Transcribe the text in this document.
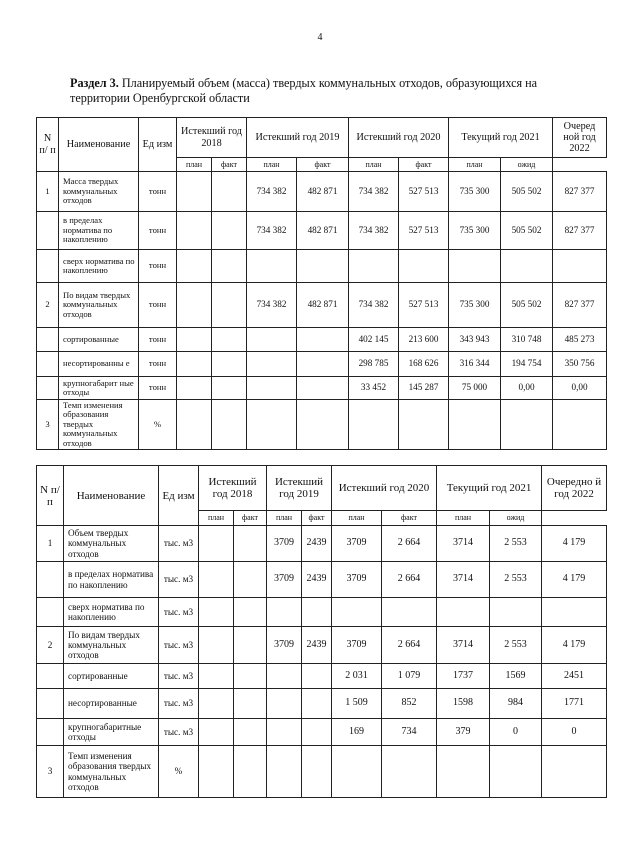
4
Раздел 3. Планируемый объем (масса) твердых коммунальных отходов, образующихся на территории Оренбургской области
N п/ п	Наименование	Ед изм	Истекший год 2018		Истекший год 2019		Истекший год 2020		Текущий год 2021		Очеред ной год 2022
			план	факт	план	факт	план	факт	план	ожид	
1	Масса твердых коммунальных отходов	тонн			734 382	482 871	734 382	527 513	735 300	505 502	827 377
	в пределах норматива по накоплению	тонн			734 382	482 871	734 382	527 513	735 300	505 502	827 377
	сверх норматива по накоплению	тонн									
2	По видам твердых коммунальных отходов	тонн			734 382	482 871	734 382	527 513	735 300	505 502	827 377
	сортированные	тонн					402 145	213 600	343 943	310 748	485 273
	несортированны е	тонн					298 785	168 626	316 344	194 754	350 756
	крупногабарит ные отходы	тонн					33 452	145 287	75 000	0,00	0,00
3	Темп изменения образования твердых коммунальных отходов	%									
N п/п	Наименование	Ед изм	Истекший год 2018		Истекший год 2019		Истекший год 2020		Текущий год 2021		Очередно й год 2022
			план	факт	план	факт	план	факт	план	ожид	
1	Объем твердых коммунальных отходов	тыс. м3			3709	2439	3709	2 664	3714	2 553	4 179
	в пределах норматива по накоплению	тыс. м3			3709	2439	3709	2 664	3714	2 553	4 179
	сверх норматива по накоплению	тыс. м3									
2	По видам твердых коммунальных отходов	тыс. м3			3709	2439	3709	2 664	3714	2 553	4 179
	сортированные	тыс. м3					2 031	1 079	1737	1569	2451
	несортированные	тыс. м3					1 509	852	1598	984	1771
	крупногабаритные отходы	тыс. м3					169	734	379	0	0
3	Темп изменения образования твердых коммунальных отходов	%									
